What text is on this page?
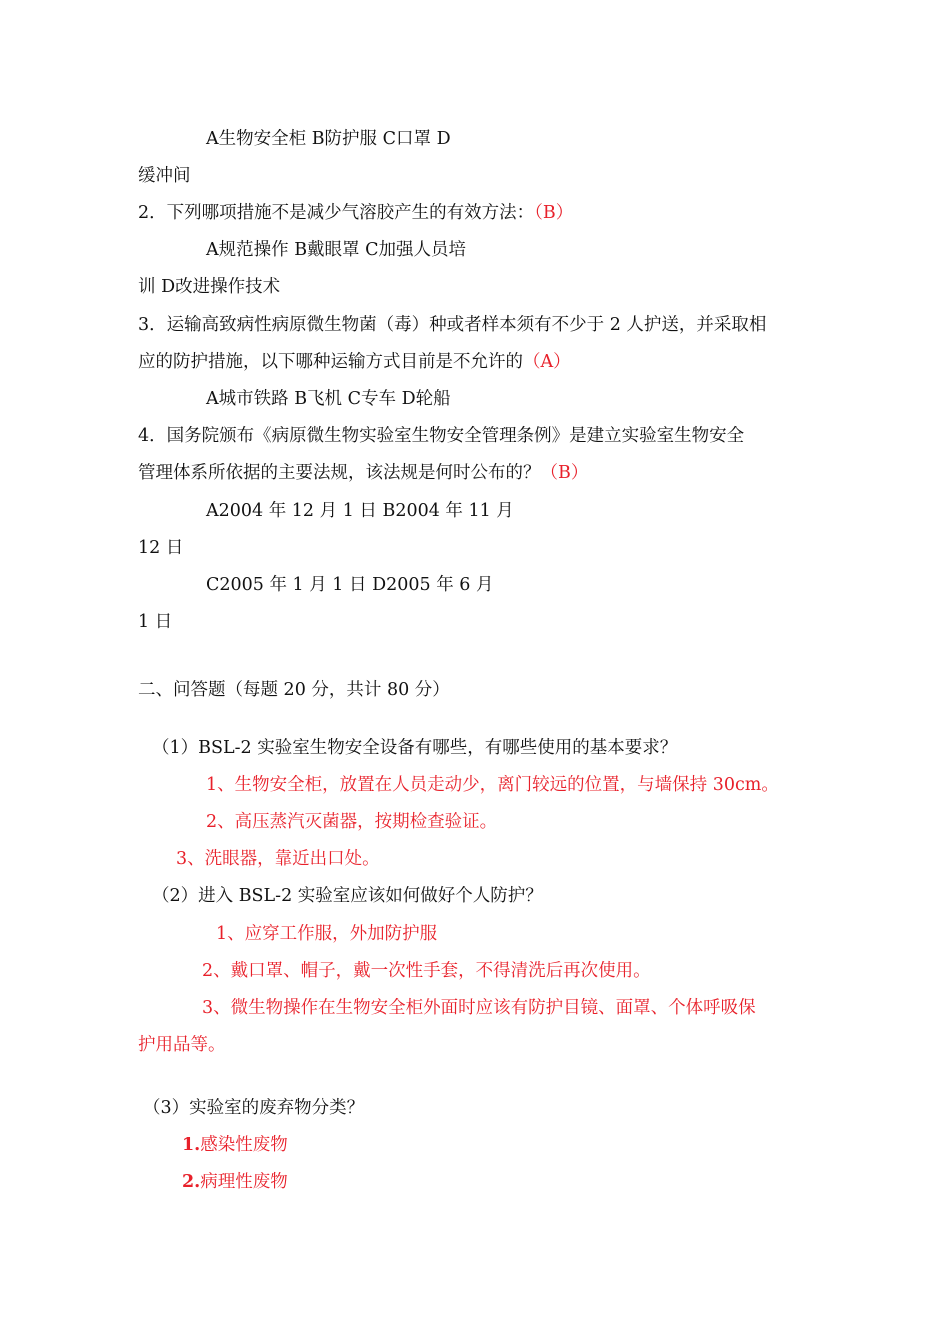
A生物安全柜 B防护服 C口罩 D
缓冲间
2．下列哪项措施不是减少气溶胶产生的有效方法：（B）
A规范操作 B戴眼罩 C加强人员培
训 D改进操作技术
3．运输高致病性病原微生物菌（毒）种或者样本须有不少于 2 人护送，并采取相
应的防护措施，以下哪种运输方式目前是不允许的（A）
A城市铁路 B飞机 C专车 D轮船
4．国务院颁布《病原微生物实验室生物安全管理条例》是建立实验室生物安全
管理体系所依据的主要法规，该法规是何时公布的？（B）
A2004 年 12 月 1 日 B2004 年 11 月
12 日
C2005 年 1 月 1 日 D2005 年 6 月
1 日
二、问答题（每题 20 分，共计 80 分）
（1）BSL-2 实验室生物安全设备有哪些，有哪些使用的基本要求？
1、生物安全柜，放置在人员走动少，离门较远的位置，与墙保持 30cm。
2、高压蒸汽灭菌器，按期检查验证。
3、洗眼器，靠近出口处。
（2）进入 BSL-2 实验室应该如何做好个人防护？
1、应穿工作服，外加防护服
2、戴口罩、帽子，戴一次性手套，不得清洗后再次使用。
3、微生物操作在生物安全柜外面时应该有防护目镜、面罩、个体呼吸保
护用品等。
（3）实验室的废弃物分类？
1.感染性废物
2.病理性废物
